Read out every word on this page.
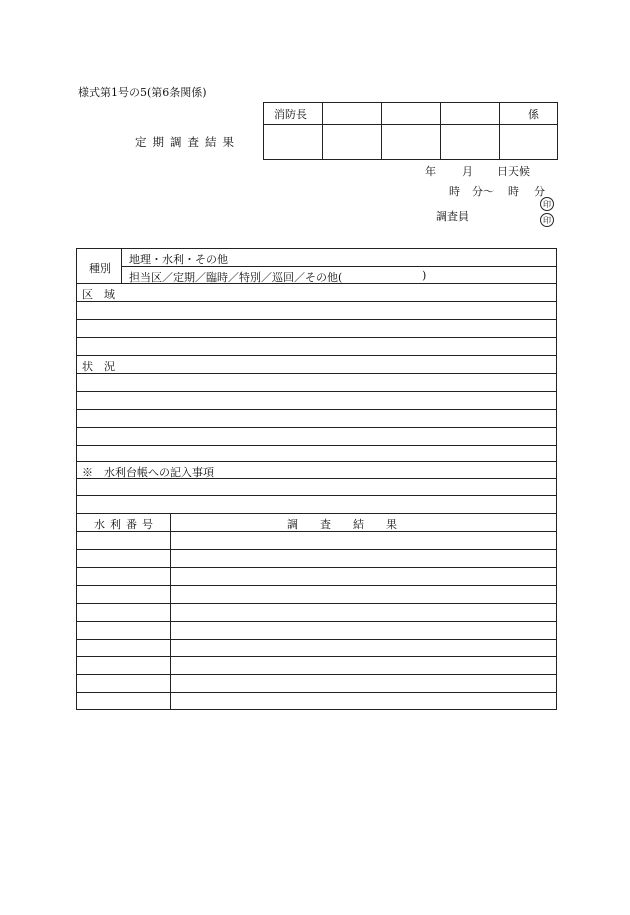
様式第1号の5(第6条関係)
定期調査結果
消防長				係

年 月 日天候
時 分〜 時 分
調査員
印
印
種別
地理・水利・その他
担当区／定期／臨時／特別／巡回／その他(	)
区　域
状　況
※　水利台帳への記入事項
水利番号	調　　査　　結　　果
